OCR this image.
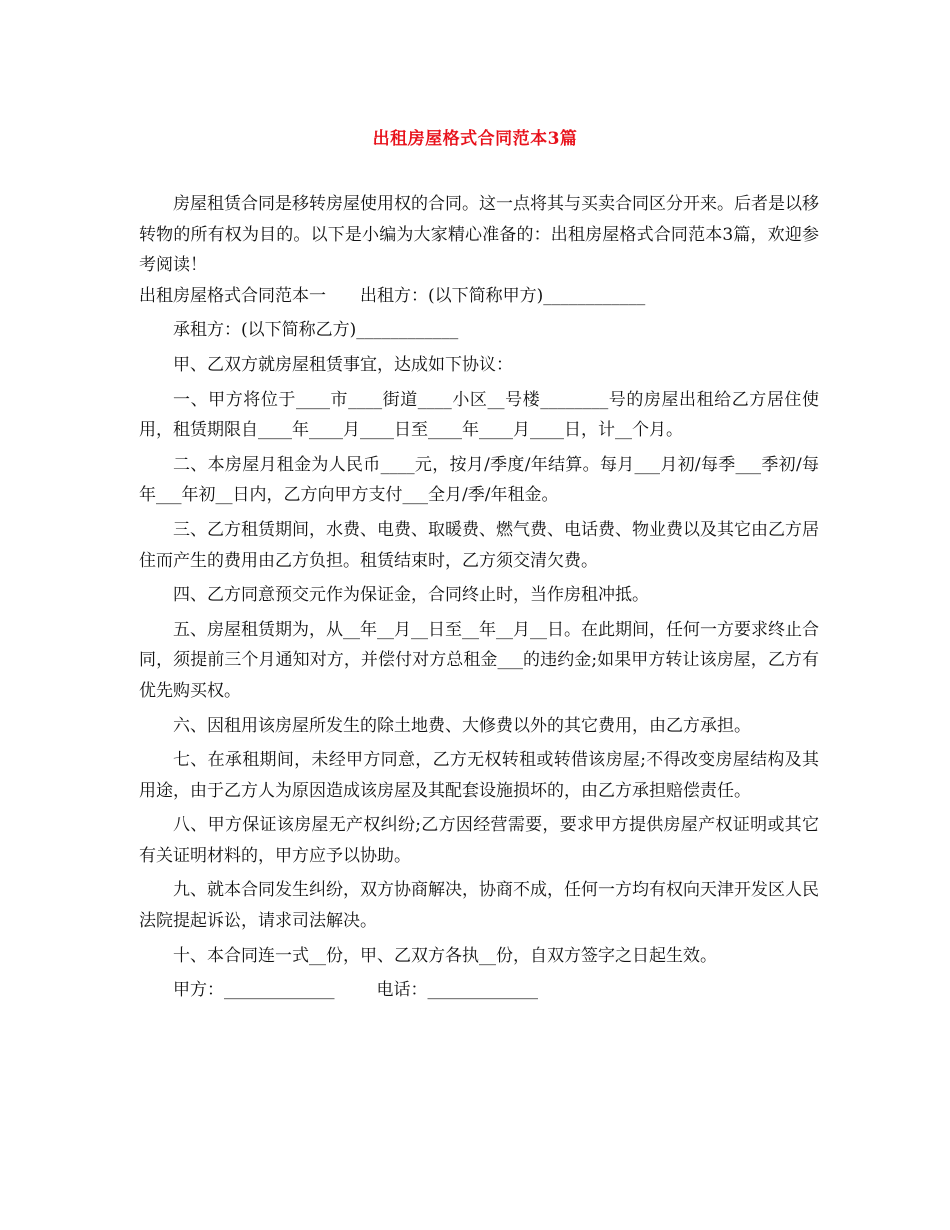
出租房屋格式合同范本3篇

房屋租赁合同是移转房屋使用权的合同。这一点将其与买卖合同区分开来。后者是以移转物的所有权为目的。以下是小编为大家精心准备的：出租房屋格式合同范本3篇，欢迎参考阅读！

出租房屋格式合同范本一 出租方：(以下简称甲方)____________

承租方：(以下简称乙方)____________

甲、乙双方就房屋租赁事宜，达成如下协议：

一、甲方将位于____市____街道____小区__号楼________号的房屋出租给乙方居住使用，租赁期限自____年____月____日至____年____月____日，计__个月。

二、本房屋月租金为人民币____元，按月/季度/年结算。每月___月初/每季___季初/每年___年初__日内，乙方向甲方支付___全月/季/年租金。

三、乙方租赁期间，水费、电费、取暖费、燃气费、电话费、物业费以及其它由乙方居住而产生的费用由乙方负担。租赁结束时，乙方须交清欠费。

四、乙方同意预交元作为保证金，合同终止时，当作房租冲抵。

五、房屋租赁期为，从__年__月__日至__年__月__日。在此期间，任何一方要求终止合同，须提前三个月通知对方，并偿付对方总租金___的违约金;如果甲方转让该房屋，乙方有优先购买权。

六、因租用该房屋所发生的除土地费、大修费以外的其它费用，由乙方承担。

七、在承租期间，未经甲方同意，乙方无权转租或转借该房屋;不得改变房屋结构及其用途，由于乙方人为原因造成该房屋及其配套设施损坏的，由乙方承担赔偿责任。

八、甲方保证该房屋无产权纠纷;乙方因经营需要，要求甲方提供房屋产权证明或其它有关证明材料的，甲方应予以协助。

九、就本合同发生纠纷，双方协商解决，协商不成，任何一方均有权向天津开发区人民法院提起诉讼，请求司法解决。

十、本合同连一式__份，甲、乙双方各执__份，自双方签字之日起生效。

甲方：_____________ 电话：_____________
